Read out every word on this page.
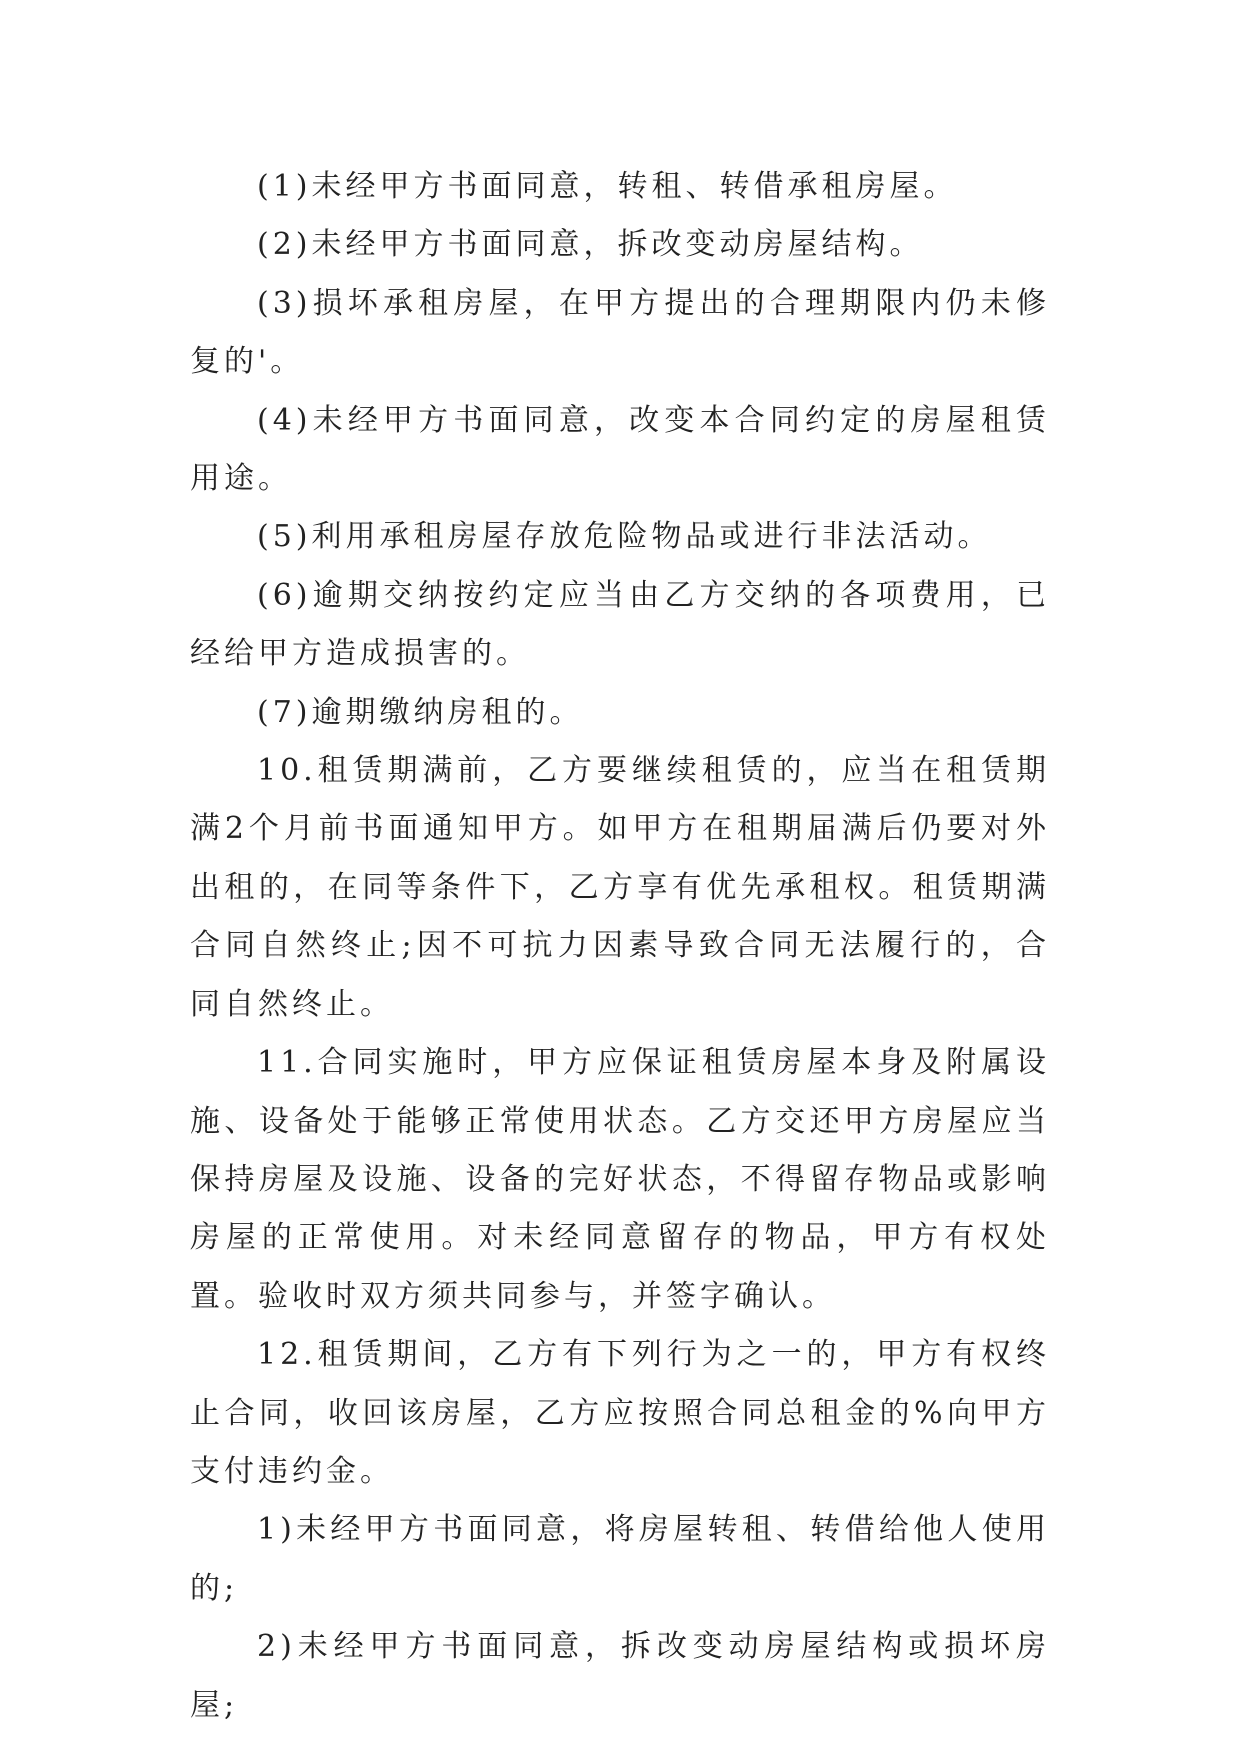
(1)未经甲方书面同意，转租、转借承租房屋。

(2)未经甲方书面同意，拆改变动房屋结构。

(3)损坏承租房屋，在甲方提出的合理期限内仍未修复的'。

(4)未经甲方书面同意，改变本合同约定的房屋租赁用途。

(5)利用承租房屋存放危险物品或进行非法活动。

(6)逾期交纳按约定应当由乙方交纳的各项费用，已经给甲方造成损害的。

(7)逾期缴纳房租的。

10.租赁期满前，乙方要继续租赁的，应当在租赁期满2个月前书面通知甲方。如甲方在租期届满后仍要对外出租的，在同等条件下，乙方享有优先承租权。租赁期满合同自然终止;因不可抗力因素导致合同无法履行的，合同自然终止。

11.合同实施时，甲方应保证租赁房屋本身及附属设施、设备处于能够正常使用状态。乙方交还甲方房屋应当保持房屋及设施、设备的完好状态，不得留存物品或影响房屋的正常使用。对未经同意留存的物品，甲方有权处置。验收时双方须共同参与，并签字确认。

12.租赁期间，乙方有下列行为之一的，甲方有权终止合同，收回该房屋，乙方应按照合同总租金的%向甲方支付违约金。

1)未经甲方书面同意，将房屋转租、转借给他人使用的;

2)未经甲方书面同意，拆改变动房屋结构或损坏房屋;
